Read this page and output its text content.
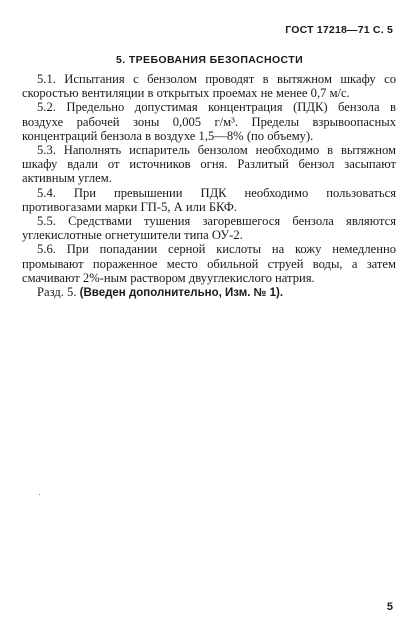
ГОСТ 17218—71 С. 5
5. ТРЕБОВАНИЯ БЕЗОПАСНОСТИ

5.1. Испытания с бензолом проводят в вытяжном шкафу со скоростью вентиляции в открытых проемах не менее 0,7 м/с.

5.2. Предельно допустимая концентрация (ПДК) бензола в воздухе рабочей зоны 0,005 г/м³. Пределы взрывоопасных концентраций бензола в воздухе 1,5—8% (по объему).

5.3. Наполнять испаритель бензолом необходимо в вытяжном шкафу вдали от источников огня. Разлитый бензол засыпают активным углем.

5.4. При превышении ПДК необходимо пользоваться противогазами марки ГП-5, А или БКФ.

5.5. Средствами тушения загоревшегося бензола являются углекислотные огнетушители типа ОУ-2.

5.6. При попадании серной кислоты на кожу немедленно промывают пораженное место обильной струей воды, а затем смачивают 2%-ным раствором двууглекислого натрия.

Разд. 5. (Введен дополнительно, Изм. № 1).

5
